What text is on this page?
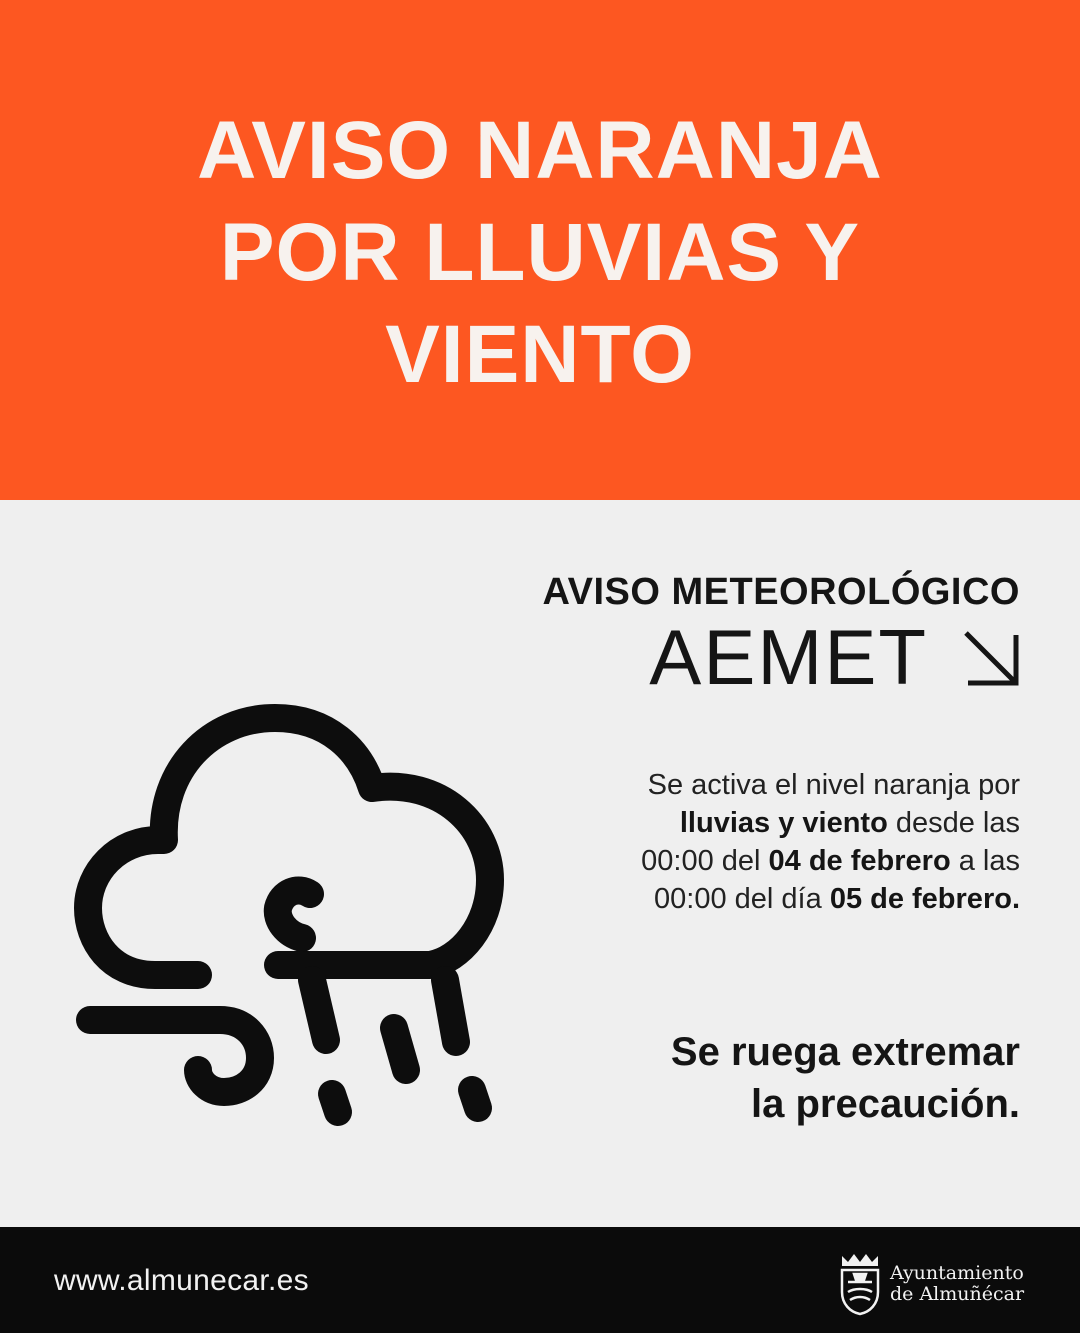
AVISO NARANJA
POR LLUVIAS Y
VIENTO
AVISO METEOROLÓGICO
AEMET
Se activa el nivel naranja por
lluvias y viento desde las
00:00 del 04 de febrero a las
00:00 del día 05 de febrero.
Se ruega extremar
la precaución.
www.almunecar.es	Ayuntamiento
de Almuñécar
